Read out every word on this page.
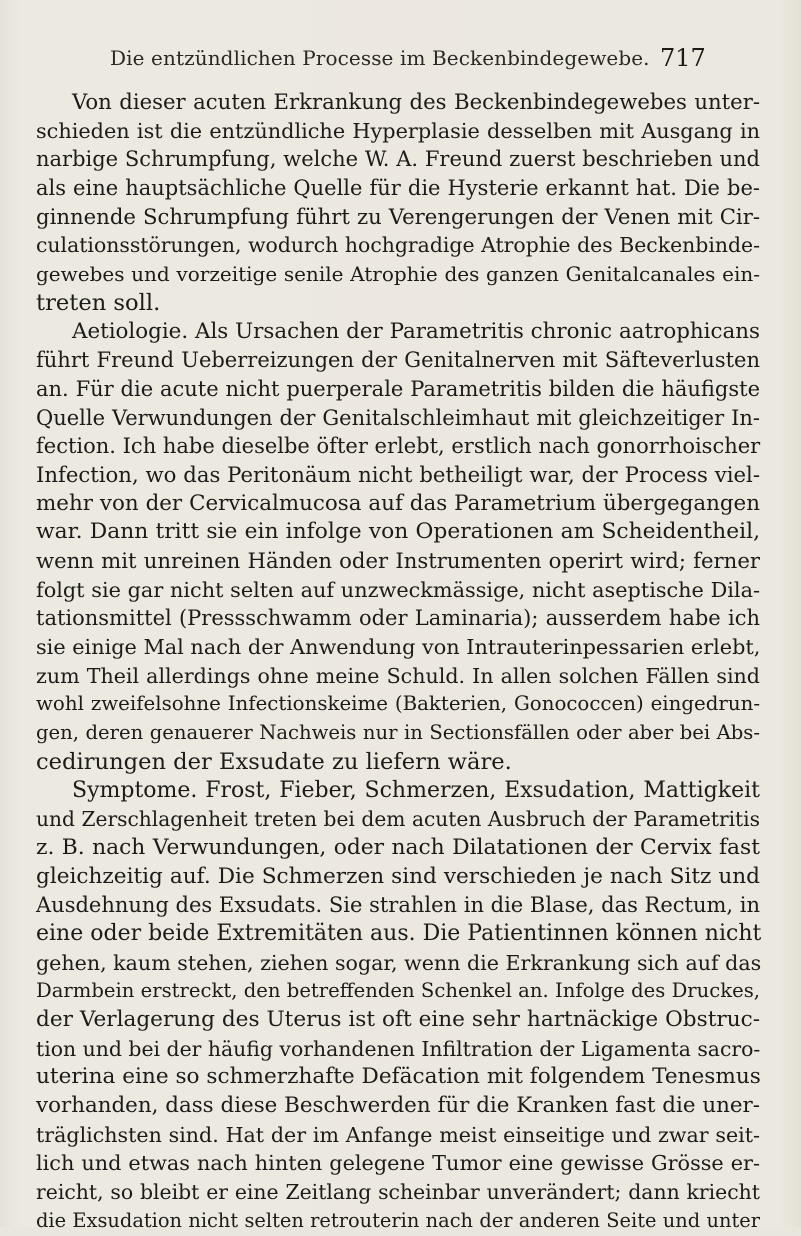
Die entzündlichen Processe im Beckenbindegewebe. 717
Von dieser acuten Erkrankung des Beckenbindegewebes unter-
schieden ist die entzündliche Hyperplasie desselben mit Ausgang in
narbige Schrumpfung, welche W. A. Freund zuerst beschrieben und
als eine hauptsächliche Quelle für die Hysterie erkannt hat. Die be-
ginnende Schrumpfung führt zu Verengerungen der Venen mit Cir-
culationsstörungen, wodurch hochgradige Atrophie des Beckenbinde-
gewebes und vorzeitige senile Atrophie des ganzen Genitalcanales ein-
treten soll.
Aetiologie. Als Ursachen der Parametritis chronic aatrophicans
führt Freund Ueberreizungen der Genitalnerven mit Säfteverlusten
an. Für die acute nicht puerperale Parametritis bilden die häufigste
Quelle Verwundungen der Genitalschleimhaut mit gleichzeitiger In-
fection. Ich habe dieselbe öfter erlebt, erstlich nach gonorrhoischer
Infection, wo das Peritonäum nicht betheiligt war, der Process viel-
mehr von der Cervicalmucosa auf das Parametrium übergegangen
war. Dann tritt sie ein infolge von Operationen am Scheidentheil,
wenn mit unreinen Händen oder Instrumenten operirt wird; ferner
folgt sie gar nicht selten auf unzweckmässige, nicht aseptische Dila-
tationsmittel (Pressschwamm oder Laminaria); ausserdem habe ich
sie einige Mal nach der Anwendung von Intrauterinpessarien erlebt,
zum Theil allerdings ohne meine Schuld. In allen solchen Fällen sind
wohl zweifelsohne Infectionskeime (Bakterien, Gonococcen) eingedrun-
gen, deren genauerer Nachweis nur in Sectionsfällen oder aber bei Abs-
cedirungen der Exsudate zu liefern wäre.
Symptome. Frost, Fieber, Schmerzen, Exsudation, Mattigkeit
und Zerschlagenheit treten bei dem acuten Ausbruch der Parametritis
z. B. nach Verwundungen, oder nach Dilatationen der Cervix fast
gleichzeitig auf. Die Schmerzen sind verschieden je nach Sitz und
Ausdehnung des Exsudats. Sie strahlen in die Blase, das Rectum, in
eine oder beide Extremitäten aus. Die Patientinnen können nicht
gehen, kaum stehen, ziehen sogar, wenn die Erkrankung sich auf das
Darmbein erstreckt, den betreffenden Schenkel an. Infolge des Druckes,
der Verlagerung des Uterus ist oft eine sehr hartnäckige Obstruc-
tion und bei der häufig vorhandenen Infiltration der Ligamenta sacro-
uterina eine so schmerzhafte Defäcation mit folgendem Tenesmus
vorhanden, dass diese Beschwerden für die Kranken fast die uner-
träglichsten sind. Hat der im Anfange meist einseitige und zwar seit-
lich und etwas nach hinten gelegene Tumor eine gewisse Grösse er-
reicht, so bleibt er eine Zeitlang scheinbar unverändert; dann kriecht
die Exsudation nicht selten retrouterin nach der anderen Seite und unter
